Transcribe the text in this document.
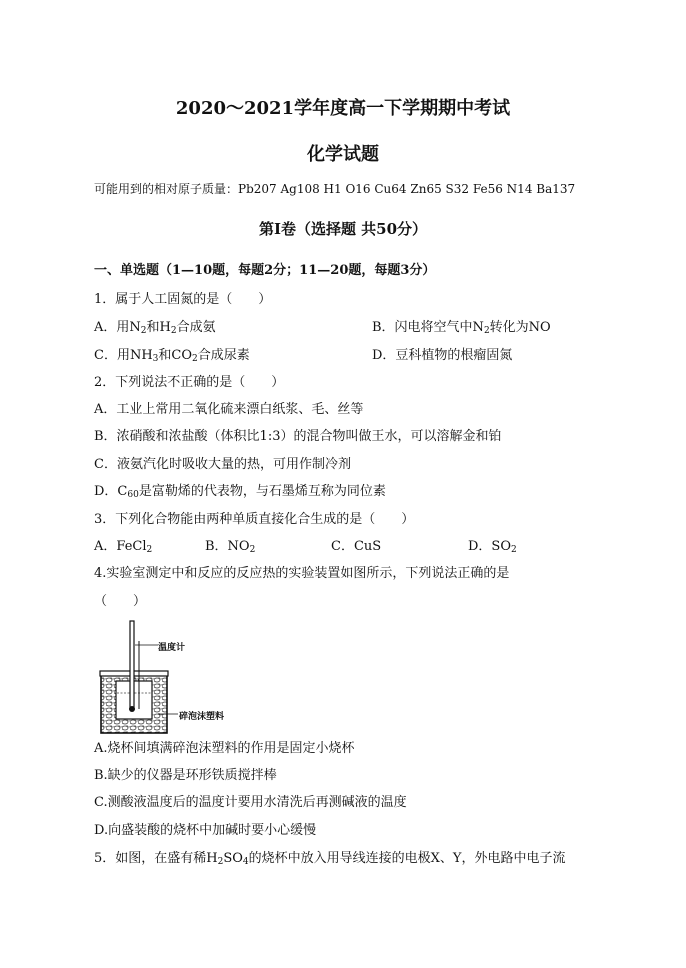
2020～2021学年度高一下学期期中考试
化学试题
可能用到的相对原子质量：Pb207 Ag108 H1 O16 Cu64 Zn65 S32 Fe56 N14 Ba137
第Ⅰ卷（选择题 共50分）
一、单选题（1—10题，每题2分；11—20题，每题3分）
1．属于人工固氮的是（　　）
A．用$N_2$和$H_2$合成氨	B．闪电将空气中$N_2$转化为NO
C．用$NH_3$和$CO_2$合成尿素	D．豆科植物的根瘤固氮
2．下列说法不正确的是（　　）
A．工业上常用二氧化硫来漂白纸浆、毛、丝等
B．浓硝酸和浓盐酸（体积比1:3）的混合物叫做王水，可以溶解金和铂
C．液氨汽化时吸收大量的热，可用作制冷剂
D．$C_{60}$是富勒烯的代表物，与石墨烯互称为同位素
3．下列化合物能由两种单质直接化合生成的是（　　）
A．FeCl$_2$	B．$NO_2$	C．CuS	D．$SO_2$
4.实验室测定中和反应的反应热的实验装置如图所示，下列说法正确的是
（　　）
温度计
碎泡沫塑料
A.烧杯间填满碎泡沫塑料的作用是固定小烧杯
B.缺少的仪器是环形铁质搅拌棒
C.测酸液温度后的温度计要用水清洗后再测碱液的温度
D.向盛装酸的烧杯中加碱时要小心缓慢
5．如图，在盛有稀$H_2SO_4$的烧杯中放入用导线连接的电极X、Y，外电路中电子流
